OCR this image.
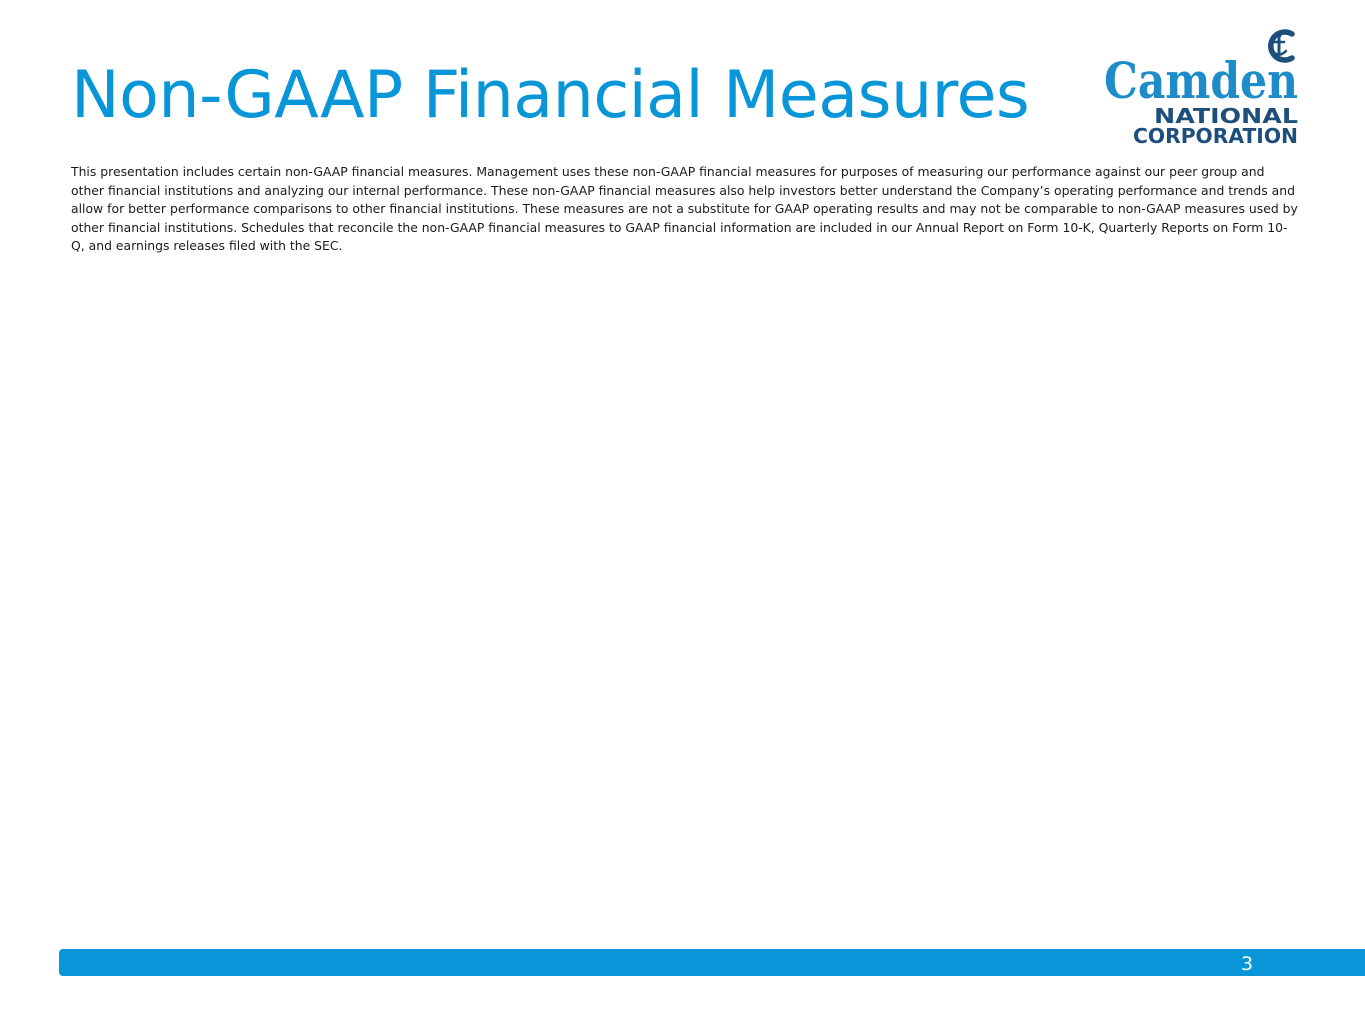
Non-GAAP Financial Measures Camden
NATIONAL
CORPORATION

This presentation includes certain non-GAAP financial measures. Management uses these non-GAAP financial measures for purposes of measuring our performance against our peer group and other financial institutions and analyzing our internal performance. These non-GAAP financial measures also help investors better understand the Company’s operating performance and trends and allow for better performance comparisons to other financial institutions. These measures are not a substitute for GAAP operating results and may not be comparable to non-GAAP measures used by other financial institutions. Schedules that reconcile the non-GAAP financial measures to GAAP financial information are included in our Annual Report on Form 10-K, Quarterly Reports on Form 10-Q, and earnings releases filed with the SEC.

3
